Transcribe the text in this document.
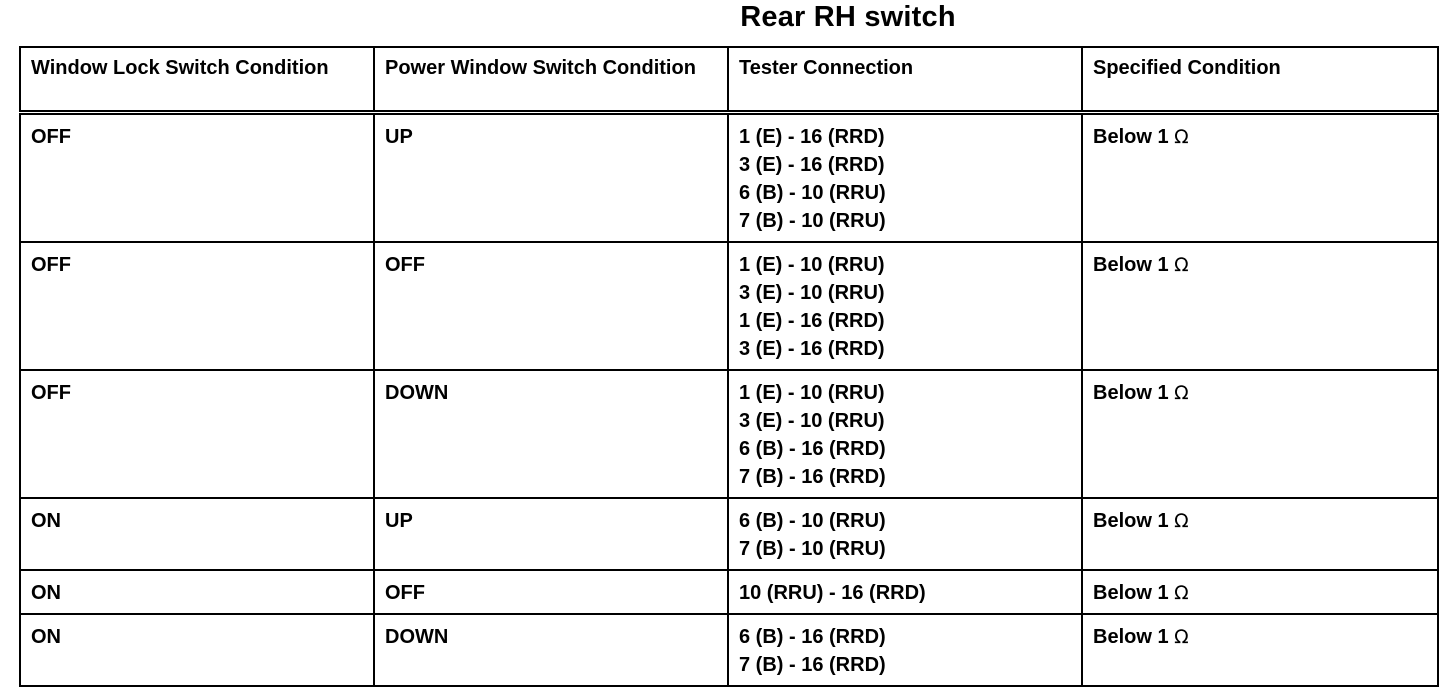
Rear RH switch
Window Lock Switch Condition	Power Window Switch Condition	Tester Connection	Specified Condition
OFF	UP	1 (E) - 16 (RRD)
3 (E) - 16 (RRD)
6 (B) - 10 (RRU)
7 (B) - 10 (RRU)	Below 1 Ω
OFF	OFF	1 (E) - 10 (RRU)
3 (E) - 10 (RRU)
1 (E) - 16 (RRD)
3 (E) - 16 (RRD)	Below 1 Ω
OFF	DOWN	1 (E) - 10 (RRU)
3 (E) - 10 (RRU)
6 (B) - 16 (RRD)
7 (B) - 16 (RRD)	Below 1 Ω
ON	UP	6 (B) - 10 (RRU)
7 (B) - 10 (RRU)	Below 1 Ω
ON	OFF	10 (RRU) - 16 (RRD)	Below 1 Ω
ON	DOWN	6 (B) - 16 (RRD)
7 (B) - 16 (RRD)	Below 1 Ω
